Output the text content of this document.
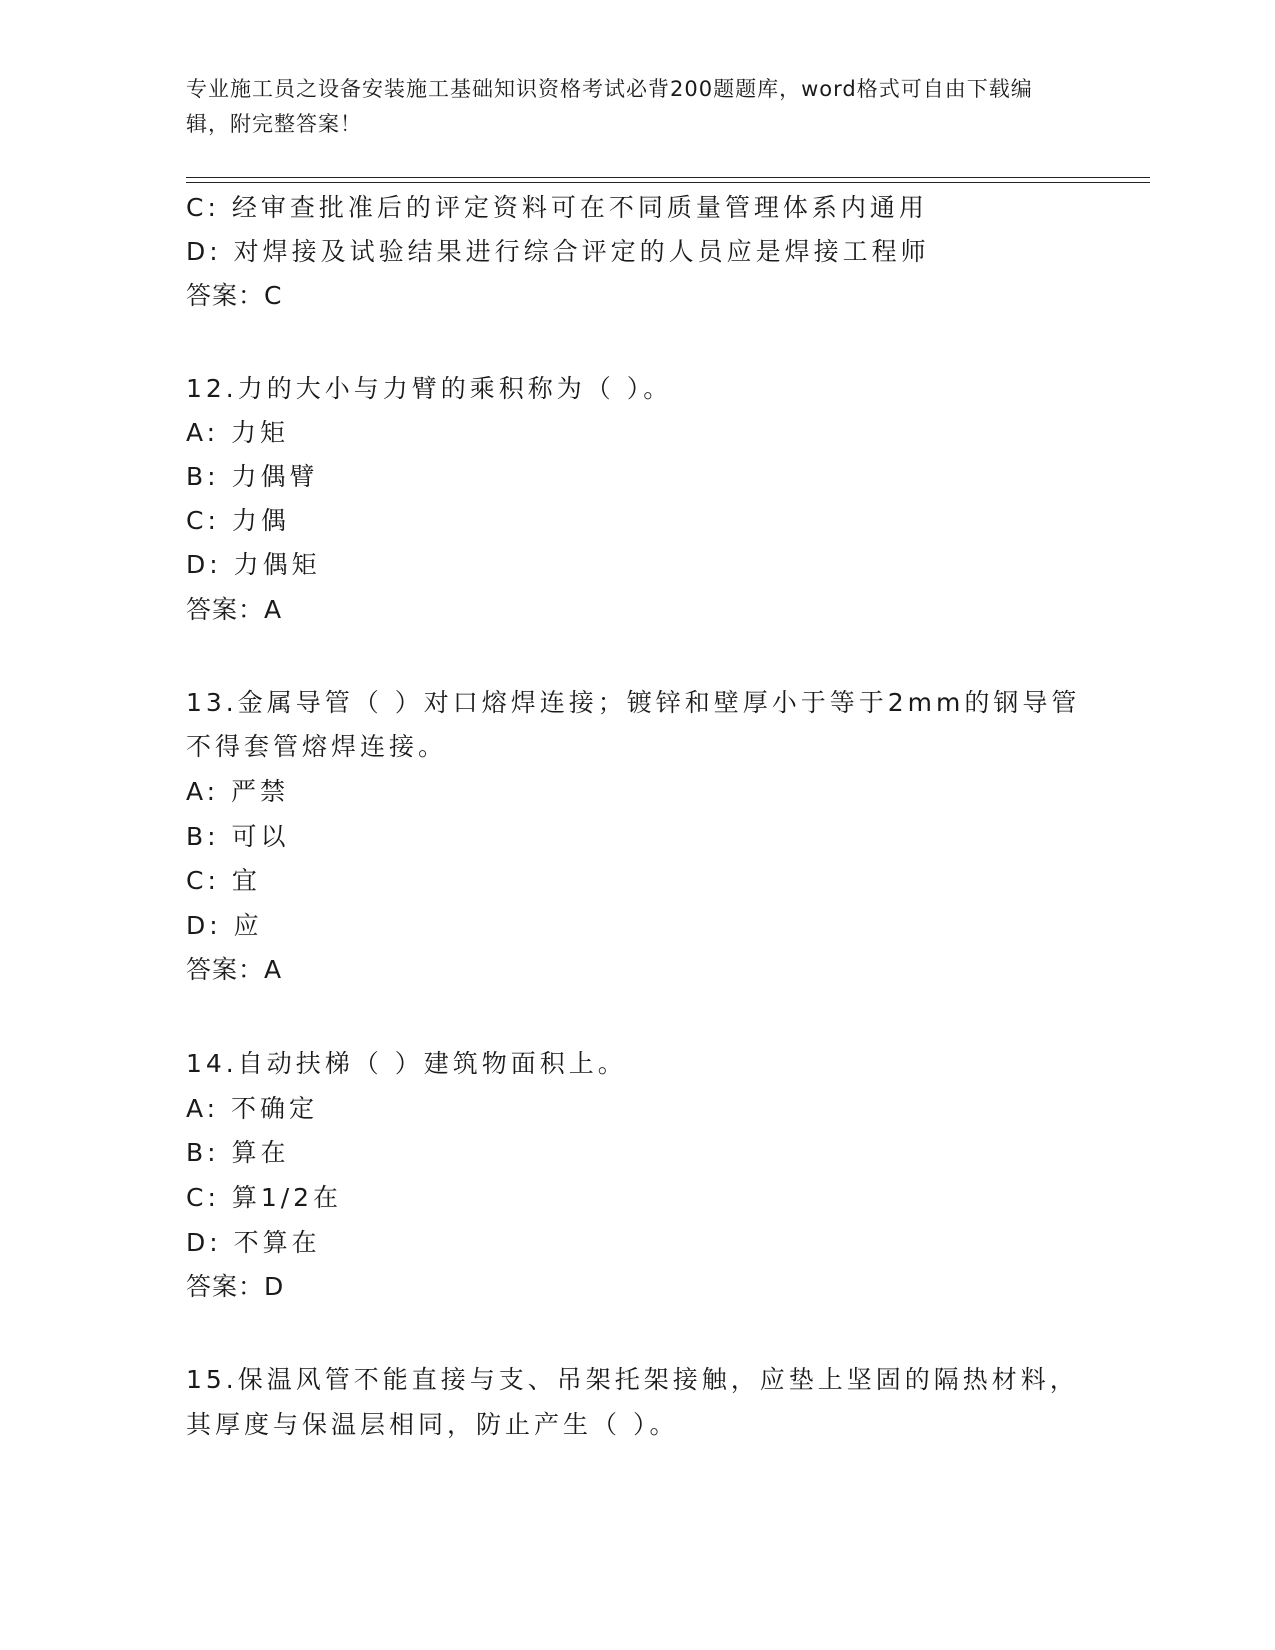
专业施工员之设备安装施工基础知识资格考试必背200题题库，word格式可自由下载编辑，附完整答案！
C: 经审查批准后的评定资料可在不同质量管理体系内通用
D: 对焊接及试验结果进行综合评定的人员应是焊接工程师
答案：C
12.力的大小与力臂的乘积称为（ ）。
A: 力矩
B: 力偶臂
C: 力偶
D: 力偶矩
答案：A
13.金属导管（ ）对口熔焊连接；镀锌和壁厚小于等于2mm的钢导管
不得套管熔焊连接。
A: 严禁
B: 可以
C: 宜
D: 应
答案：A
14.自动扶梯（ ）建筑物面积上。
A: 不确定
B: 算在
C: 算1/2在
D: 不算在
答案：D
15.保温风管不能直接与支、吊架托架接触，应垫上坚固的隔热材料，
其厚度与保温层相同，防止产生（ ）。
